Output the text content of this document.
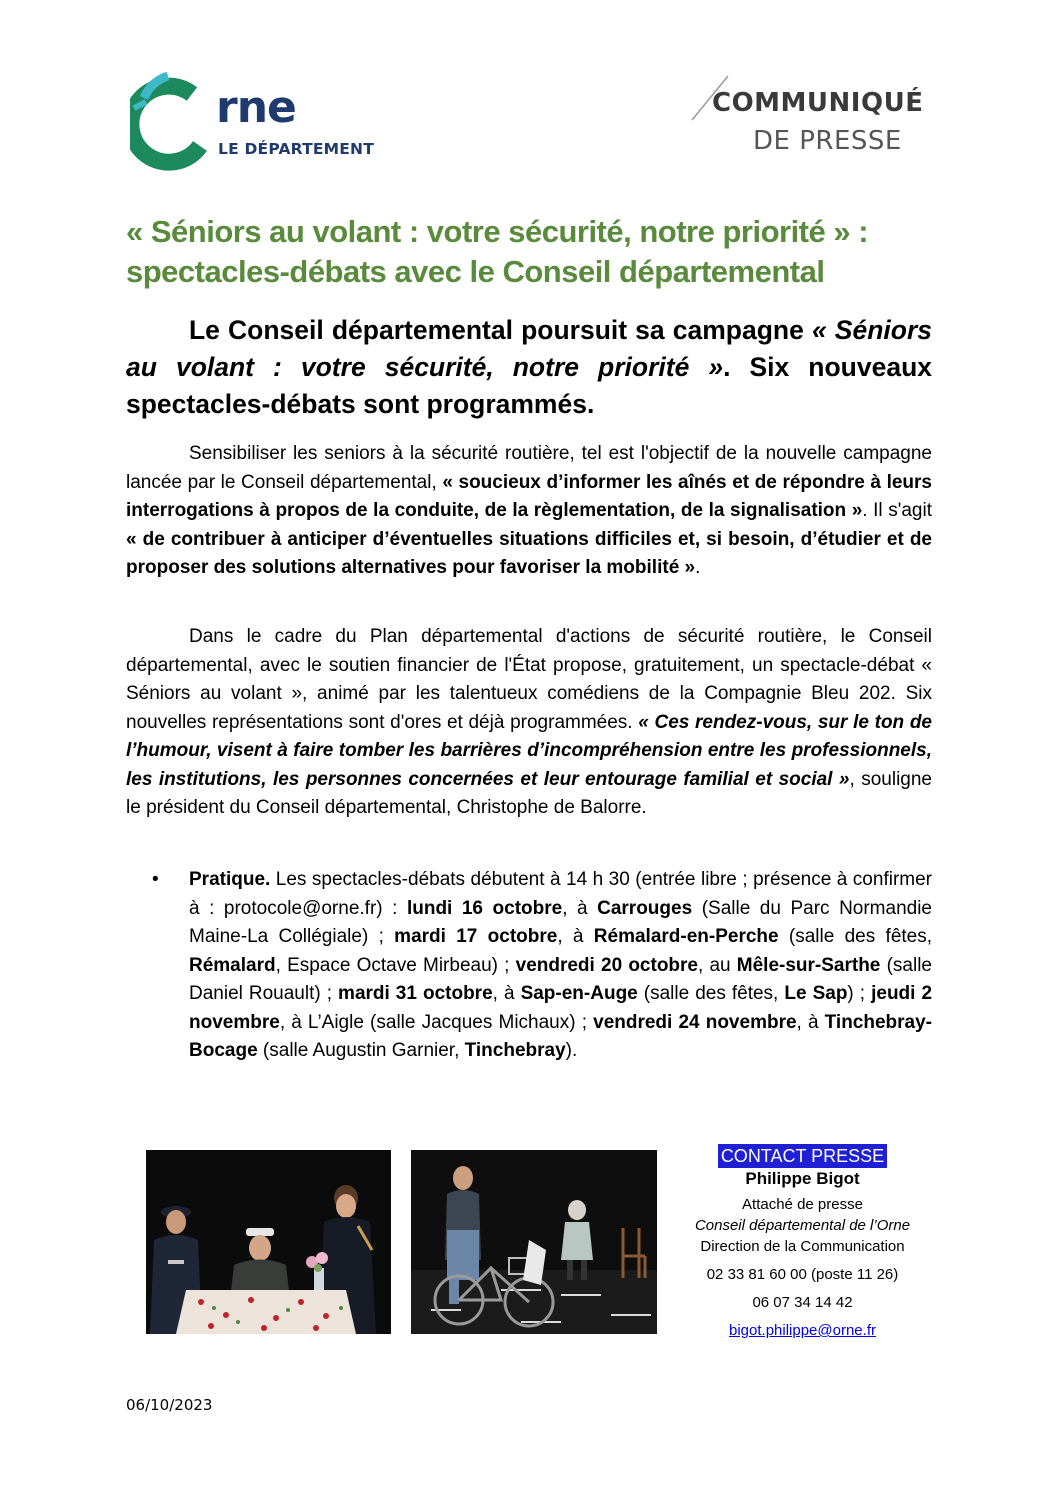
rne
LE DÉPARTEMENT
COMMUNIQUÉ
DE PRESSE
« Séniors au volant : votre sécurité, notre priorité » :
spectacles-débats avec le Conseil départemental

Le Conseil départemental poursuit sa campagne « Séniors au volant : votre sécurité, notre priorité ». Six nouveaux spectacles-débats sont programmés.

Sensibiliser les seniors à la sécurité routière, tel est l'objectif de la nouvelle campagne lancée par le Conseil départemental, « soucieux d’informer les aînés et de répondre à leurs interrogations à propos de la conduite, de la règlementation, de la signalisation ». Il s'agit « de contribuer à anticiper d’éventuelles situations difficiles et, si besoin, d’étudier et de proposer des solutions alternatives pour favoriser la mobilité ».

Dans le cadre du Plan départemental d'actions de sécurité routière, le Conseil départemental, avec le soutien financier de l'État propose, gratuitement, un spectacle-débat « Séniors au volant », animé par les talentueux comédiens de la Compagnie Bleu 202. Six nouvelles représentations sont d'ores et déjà programmées. « Ces rendez-vous, sur le ton de l’humour, visent à faire tomber les barrières d’incompréhension entre les professionnels, les institutions, les personnes concernées et leur entourage familial et social », souligne le président du Conseil départemental, Christophe de Balorre.

• Pratique. Les spectacles-débats débutent à 14 h 30 (entrée libre ; présence à confirmer à : protocole@orne.fr) : lundi 16 octobre, à Carrouges (Salle du Parc Normandie Maine-La Collégiale) ; mardi 17 octobre, à Rémalard-en-Perche (salle des fêtes, Rémalard, Espace Octave Mirbeau) ; vendredi 20 octobre, au Mêle-sur-Sarthe (salle Daniel Rouault) ; mardi 31 octobre, à Sap-en-Auge (salle des fêtes, Le Sap) ; jeudi 2 novembre, à L’Aigle (salle Jacques Michaux) ; vendredi 24 novembre, à Tinchebray-Bocage (salle Augustin Garnier, Tinchebray).
CONTACT PRESSE
Philippe Bigot
Attaché de presse
Conseil départemental de l’Orne
Direction de la Communication
02 33 81 60 00 (poste 11 26)
06 07 34 14 42
bigot.philippe@orne.fr
06/10/2023
